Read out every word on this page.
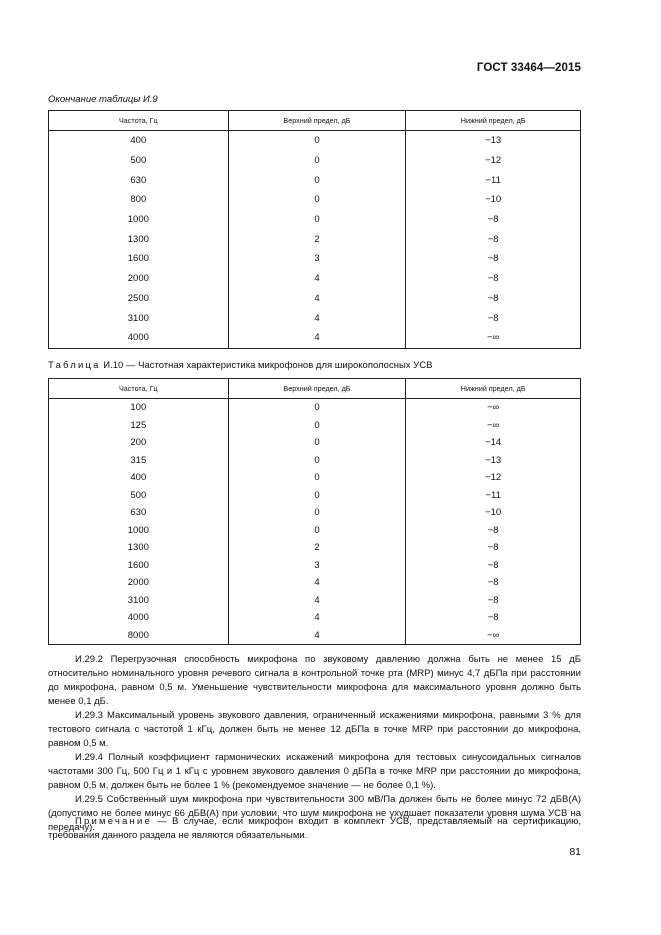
ГОСТ 33464—2015
Окончание таблицы И.9
Частота, Гц	Верхний предел, дБ	Нижний предел, дБ
400	0	−13
500	0	−12
630	0	−11
800	0	−10
1000	0	−8
1300	2	−8
1600	3	−8
2000	4	−8
2500	4	−8
3100	4	−8
4000	4	−∞
Таблица И.10 — Частотная характеристика микрофонов для широкополосных УСВ
Частота, Гц	Верхний предел, дБ	Нижний предел, дБ
100	0	−∞
125	0	−∞
200	0	−14
315	0	−13
400	0	−12
500	0	−11
630	0	−10
1000	0	−8
1300	2	−8
1600	3	−8
2000	4	−8
3100	4	−8
4000	4	−8
8000	4	−∞

И.29.2 Перегрузочная способность микрофона по звуковому давлению должна быть не менее 15 дБ относительно номинального уровня речевого сигнала в контрольной точке рта (MRP) минус 4,7 дБПа при расстоянии до микрофона, равном 0,5 м. Уменьшение чувствительности микрофона для максимального уровня должно быть менее 0,1 дБ.

И.29.3 Максимальный уровень звукового давления, ограниченный искажениями микрофона, равными 3 % для тестового сигнала с частотой 1 кГц, должен быть не менее 12 дБПа в точке MRP при расстоянии до микрофона, равном 0,5 м.

И.29.4 Полный коэффициент гармонических искажений микрофона для тестовых синусоидальных сигналов частотами 300 Гц, 500 Гц и 1 кГц с уровнем звукового давления 0 дБПа в точке MRP при расстоянии до микрофона, равном 0,5 м, должен быть не более 1 % (рекомендуемое значение — не более 0,1 %).

И.29.5 Собственный шум микрофона при чувствительности 300 мВ/Па должен быть не более минус 72 дБВ(A) (допустимо не более минус 66 дБВ(A) при условии, что шум микрофона не ухудшает показатели уровня шума УСВ на передачу).

Примечание — В случае, если микрофон входит в комплект УСВ, представляемый на сертификацию, требования данного раздела не являются обязательными.

81
